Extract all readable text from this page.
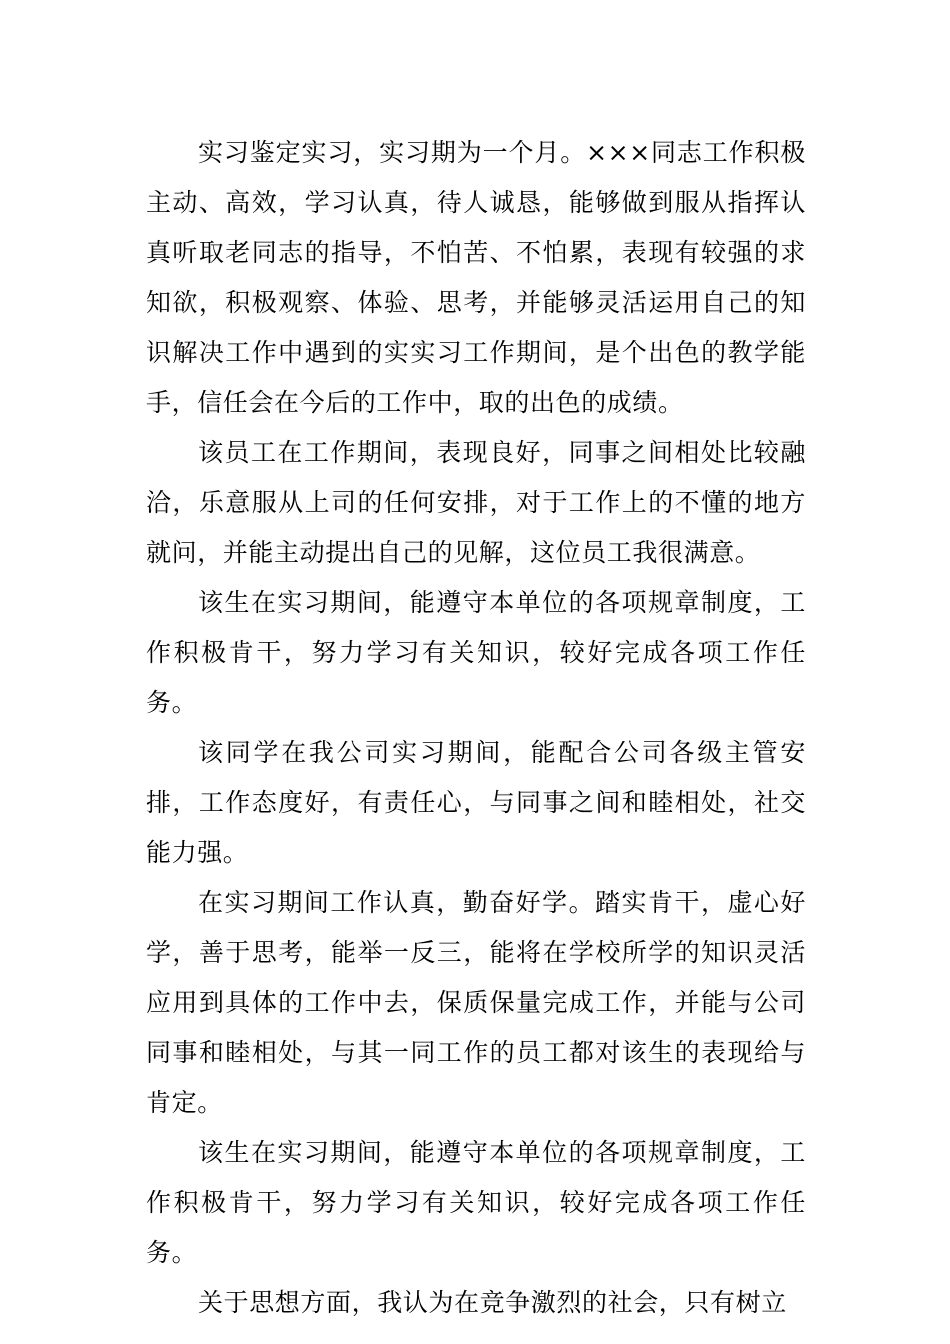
实习鉴定实习，实习期为一个月。×××同志工作积极主动、高效，学习认真，待人诚恳，能够做到服从指挥认真听取老同志的指导，不怕苦、不怕累，表现有较强的求知欲，积极观察、体验、思考，并能够灵活运用自己的知识解决工作中遇到的实实习工作期间，是个出色的教学能手，信任会在今后的工作中，取的出色的成绩。

该员工在工作期间，表现良好，同事之间相处比较融洽，乐意服从上司的任何安排，对于工作上的不懂的地方就问，并能主动提出自己的见解，这位员工我很满意。

该生在实习期间，能遵守本单位的各项规章制度，工作积极肯干，努力学习有关知识，较好完成各项工作任务。

该同学在我公司实习期间，能配合公司各级主管安排，工作态度好，有责任心，与同事之间和睦相处，社交能力强。

在实习期间工作认真，勤奋好学。踏实肯干，虚心好学，善于思考，能举一反三，能将在学校所学的知识灵活应用到具体的工作中去，保质保量完成工作，并能与公司同事和睦相处，与其一同工作的员工都对该生的表现给与肯定。

该生在实习期间，能遵守本单位的各项规章制度，工作积极肯干，努力学习有关知识，较好完成各项工作任务。

关于思想方面，我认为在竞争激烈的社会，只有树立
